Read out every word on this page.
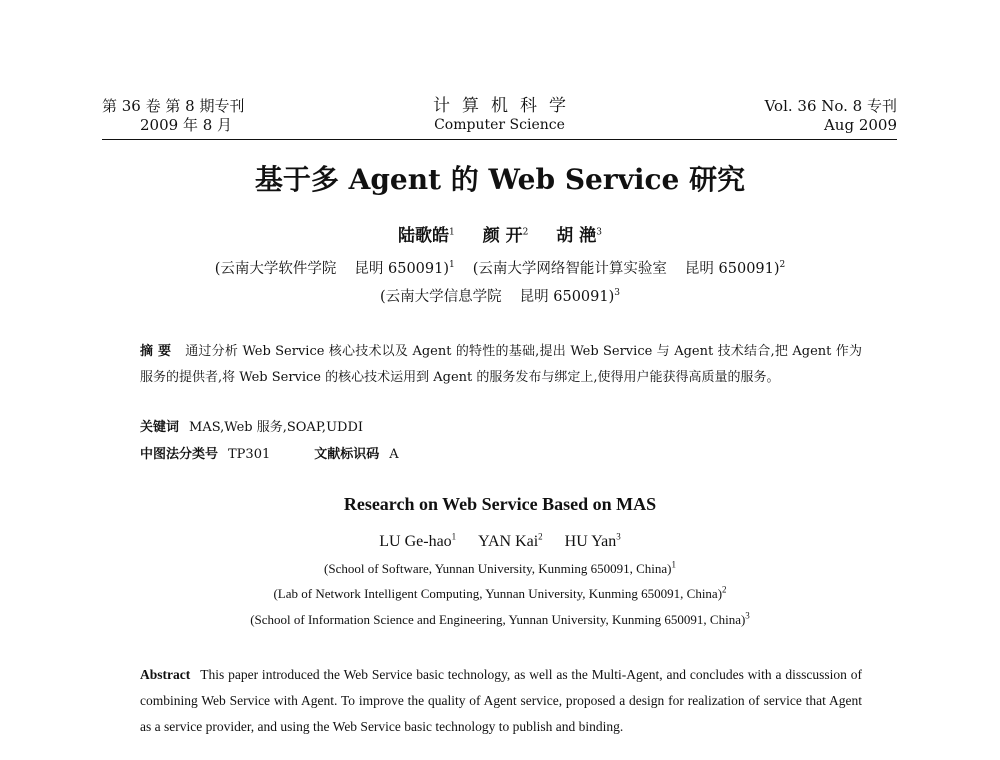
第 36 卷 第 8 期专刊
2009 年 8 月
计算机科学
Computer Science
Vol. 36 No. 8 专刊
Aug 2009
基于多 Agent 的 Web Service 研究
陆歌皓$^1$ 颜 开$^2$ 胡 滟$^3$
(云南大学软件学院 昆明 650091)$^1$ (云南大学网络智能计算实验室 昆明 650091)$^2$
(云南大学信息学院 昆明 650091)$^3$
摘 要 通过分析 Web Service 核心技术以及 Agent 的特性的基础,提出 Web Service 与 Agent 技术结合,把 Agent 作为服务的提供者,将 Web Service 的核心技术运用到 Agent 的服务发布与绑定上,使得用户能获得高质量的服务。
关键词 MAS,Web 服务,SOAP,UDDI
中图法分类号 TP301	文献标识码 A
Research on Web Service Based on MAS
LU Ge-hao$^1$ YAN Kai$^2$ HU Yan$^3$
(School of Software, Yunnan University, Kunming 650091, China)$^1$
(Lab of Network Intelligent Computing, Yunnan University, Kunming 650091, China)$^2$
(School of Information Science and Engineering, Yunnan University, Kunming 650091, China)$^3$
Abstract This paper introduced the Web Service basic technology, as well as the Multi-Agent, and concludes with a disscussion of combining Web Service with Agent. To improve the quality of Agent service, proposed a design for realization of service that Agent as a service provider, and using the Web Service basic technology to publish and binding.
